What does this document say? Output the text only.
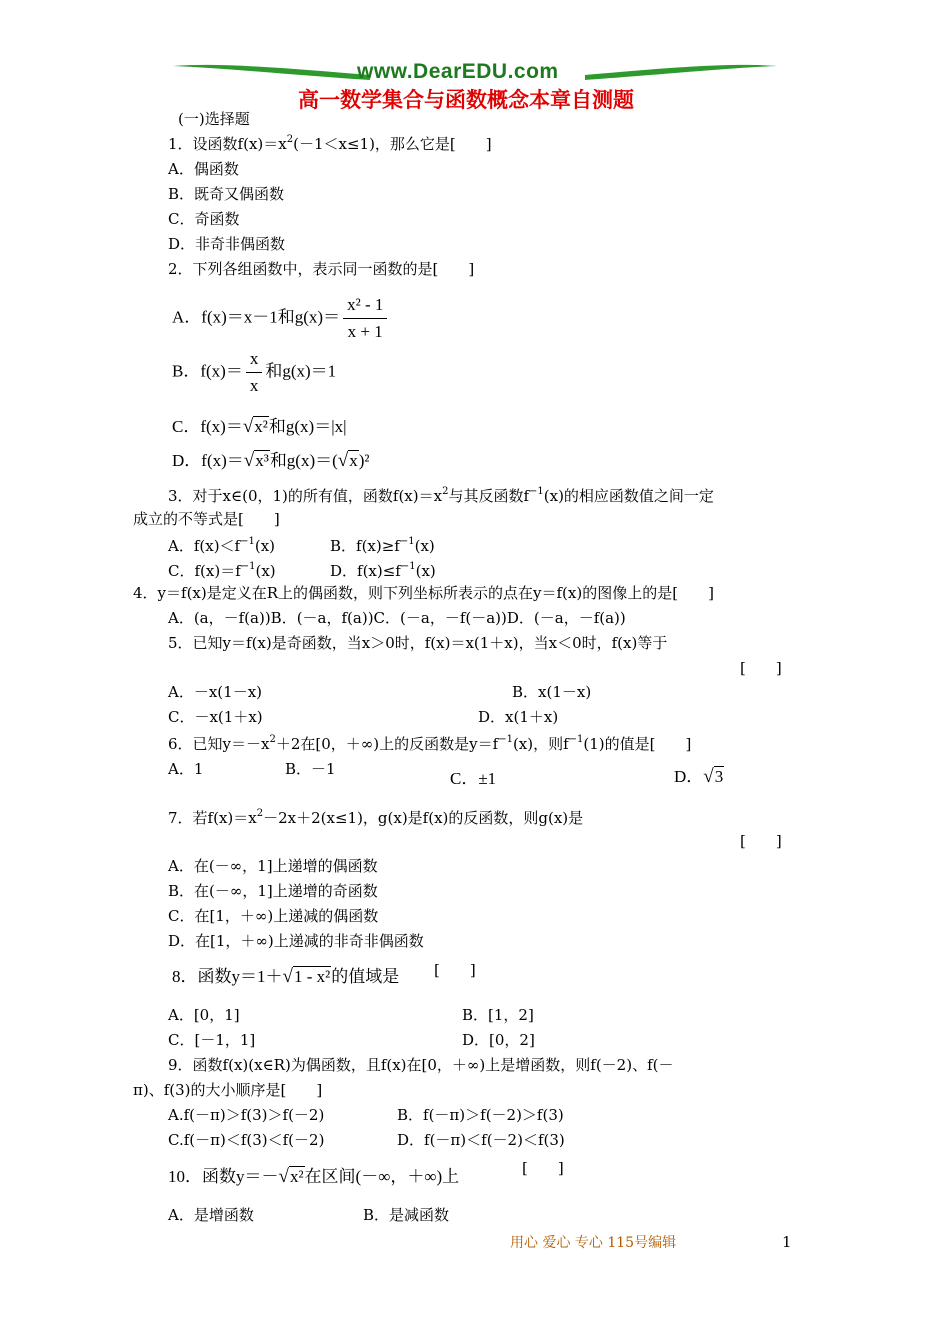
www.DearEDU.com
高一数学集合与函数概念本章自测题
(一)选择题
1．设函数$f(x)=x^2(-1<x\le 1)$，那么它是[　　]
A．偶函数
B．既奇又偶函数
C．奇函数
D．非奇非偶函数
2．下列各组函数中，表示同一函数的是[　　]
A．f(x)＝x－1和$g(x)= \frac{\text{x² - 1}}{x + 1}$
B．$f(x)= \frac{x}{x}$ 和g(x)＝1
C．f(x)＝√x²和g(x)＝|x|
D．f(x)＝√x³和g(x)＝(√x)²
3．对于x∈(0，1)的所有值，函数$f(x)=x^2$与其反函数$f^{-1}(x)$的相应函数值之间一定
成立的不等式是[　　]
A．$f(x)<f^{-1}(x)$	B．$f(x)\ge f^{-1}(x)$
C．$f(x)=f^{-1}(x)$	D．$f(x)\le f^{-1}(x)$
4．y＝f(x)是定义在R上的偶函数，则下列坐标所表示的点在y＝f(x)的图像上的是[　　]
A．(a，－f(a))B．(－a，f(a))C．(－a，－f(－a))D．(－a，－f(a))
5．已知y＝f(x)是奇函数，当x＞0时，f(x)＝x(1＋x)，当x＜0时，f(x)等于
[　　]
A．－x(1－x)	B．x(1－x)
C．－x(1＋x)	D．x(1＋x)
6．已知$y=-x^2+2$在[0，＋∞)上的反函数是$y=f^{-1}(x)$，则$f^{-1}(1)$的值是[　　]
A．1	B．－1	C．±1	D．√3
7．若$f(x)=x^2-2x+2(x\le 1)$，g(x)是f(x)的反函数，则g(x)是
[　　]
A．在(－∞，1]上递增的偶函数
B．在(－∞，1]上递增的奇函数
C．在[1，＋∞)上递减的偶函数
D．在[1，＋∞)上递减的非奇非偶函数
8．函数y＝1＋√1 - x²的值域是 [　　]
A．[0，1]	B．[1，2]
C．[－1，1]	D．[0，2]
9．函数f(x)(x∈R)为偶函数，且f(x)在[0，＋∞)上是增函数，则f(－2)、f(－
π)、f(3)的大小顺序是[　　]
A.f(－π)＞f(3)＞f(－2)	B．f(－π)＞f(－2)＞f(3)
C.f(－π)＜f(3)＜f(－2)	D．f(－π)＜f(－2)＜f(3)
10．函数y＝－√x²在区间(－∞，＋∞)上	[　　]
A．是增函数	B．是减函数
用心 爱心 专心 115号编辑	1
